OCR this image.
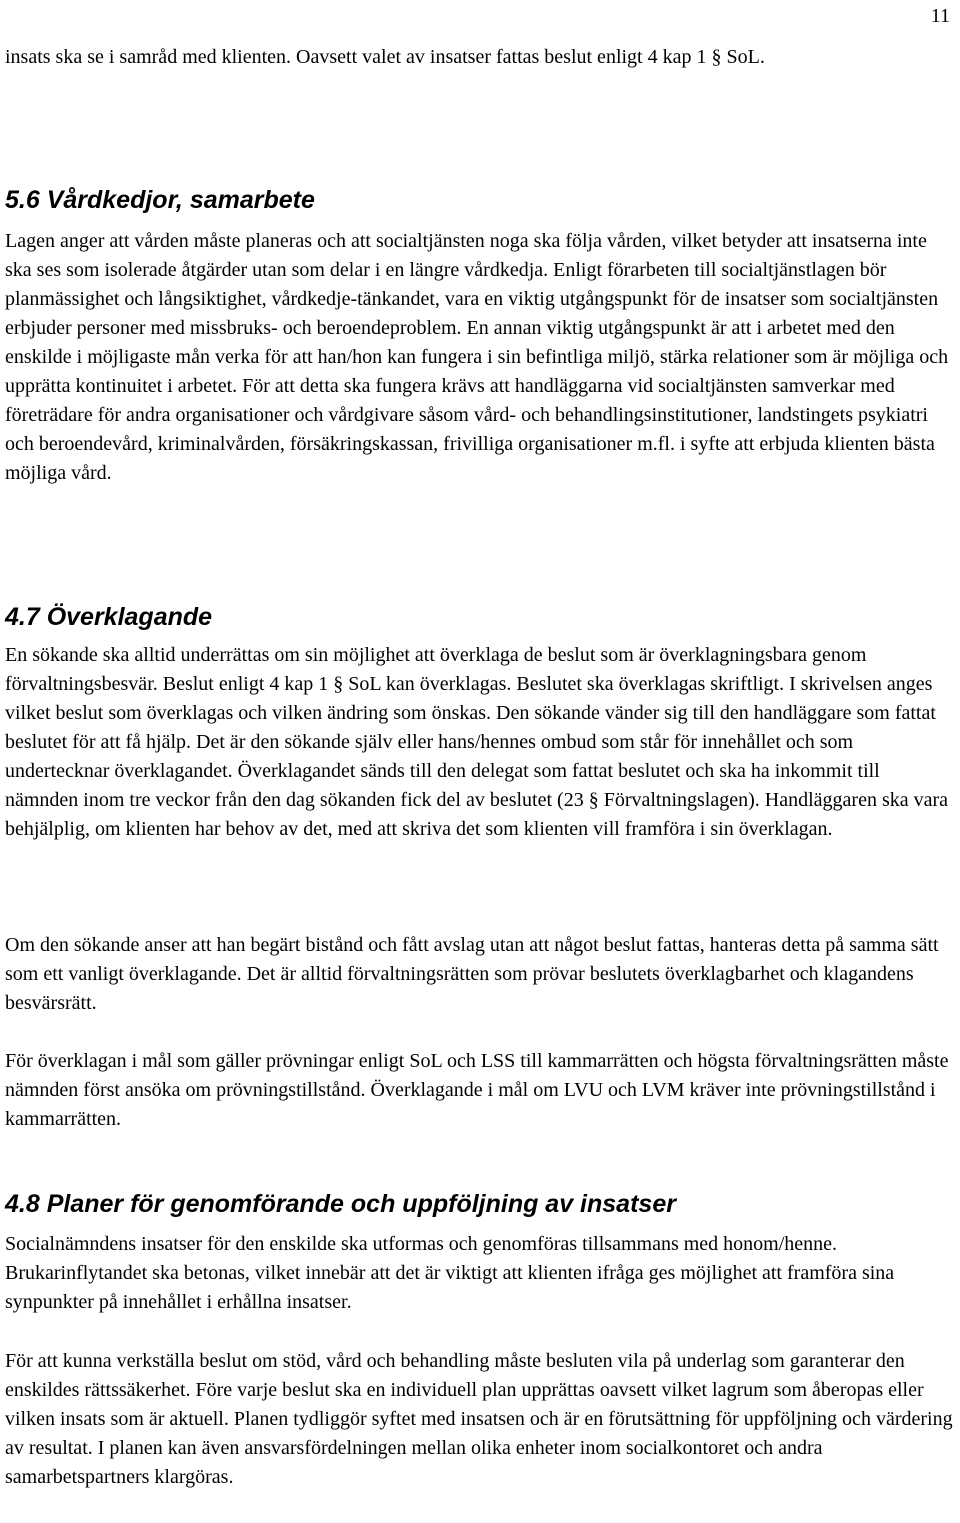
11

insats ska se i samråd med klienten. Oavsett valet av insatser fattas beslut enligt 4 kap 1 § SoL.

5.6 Vårdkedjor, samarbete

Lagen anger att vården måste planeras och att socialtjänsten noga ska följa vården, vilket betyder att insatserna inte ska ses som isolerade åtgärder utan som delar i en längre vårdkedja. Enligt förarbeten till socialtjänstlagen bör planmässighet och långsiktighet, vårdkedje-tänkandet, vara en viktig utgångspunkt för de insatser som socialtjänsten erbjuder personer med missbruks- och beroendeproblem. En annan viktig utgångspunkt är att i arbetet med den enskilde i möjligaste mån verka för att han/hon kan fungera i sin befintliga miljö, stärka relationer som är möjliga och upprätta kontinuitet i arbetet. För att detta ska fungera krävs att handläggarna vid socialtjänsten samverkar med företrädare för andra organisationer och vårdgivare såsom vård- och behandlingsinstitutioner, landstingets psykiatri och beroendevård, kriminalvården, försäkringskassan, frivilliga organisationer m.fl. i syfte att erbjuda klienten bästa möjliga vård.

4.7 Överklagande

En sökande ska alltid underrättas om sin möjlighet att överklaga de beslut som är överklagningsbara genom förvaltningsbesvär. Beslut enligt 4 kap 1 § SoL kan överklagas. Beslutet ska överklagas skriftligt. I skrivelsen anges vilket beslut som överklagas och vilken ändring som önskas. Den sökande vänder sig till den handläggare som fattat beslutet för att få hjälp. Det är den sökande själv eller hans/hennes ombud som står för innehållet och som undertecknar överklagandet. Överklagandet sänds till den delegat som fattat beslutet och ska ha inkommit till nämnden inom tre veckor från den dag sökanden fick del av beslutet (23 § Förvaltningslagen). Handläggaren ska vara behjälplig, om klienten har behov av det, med att skriva det som klienten vill framföra i sin överklagan.

Om den sökande anser att han begärt bistånd och fått avslag utan att något beslut fattas, hanteras detta på samma sätt som ett vanligt överklagande. Det är alltid förvaltningsrätten som prövar beslutets överklagbarhet och klagandens besvärsrätt.

För överklagan i mål som gäller prövningar enligt SoL och LSS till kammarrätten och högsta förvaltningsrätten måste nämnden först ansöka om prövningstillstånd. Överklagande i mål om LVU och LVM kräver inte prövningstillstånd i kammarrätten.

4.8 Planer för genomförande och uppföljning av insatser

Socialnämndens insatser för den enskilde ska utformas och genomföras tillsammans med honom/henne. Brukarinflytandet ska betonas, vilket innebär att det är viktigt att klienten ifråga ges möjlighet att framföra sina synpunkter på innehållet i erhållna insatser.

För att kunna verkställa beslut om stöd, vård och behandling måste besluten vila på underlag som garanterar den enskildes rättssäkerhet. Före varje beslut ska en individuell plan upprättas oavsett vilket lagrum som åberopas eller vilken insats som är aktuell. Planen tydliggör syftet med insatsen och är en förutsättning för uppföljning och värdering av resultat. I planen kan även ansvarsfördelningen mellan olika enheter inom socialkontoret och andra samarbetspartners klargöras.
